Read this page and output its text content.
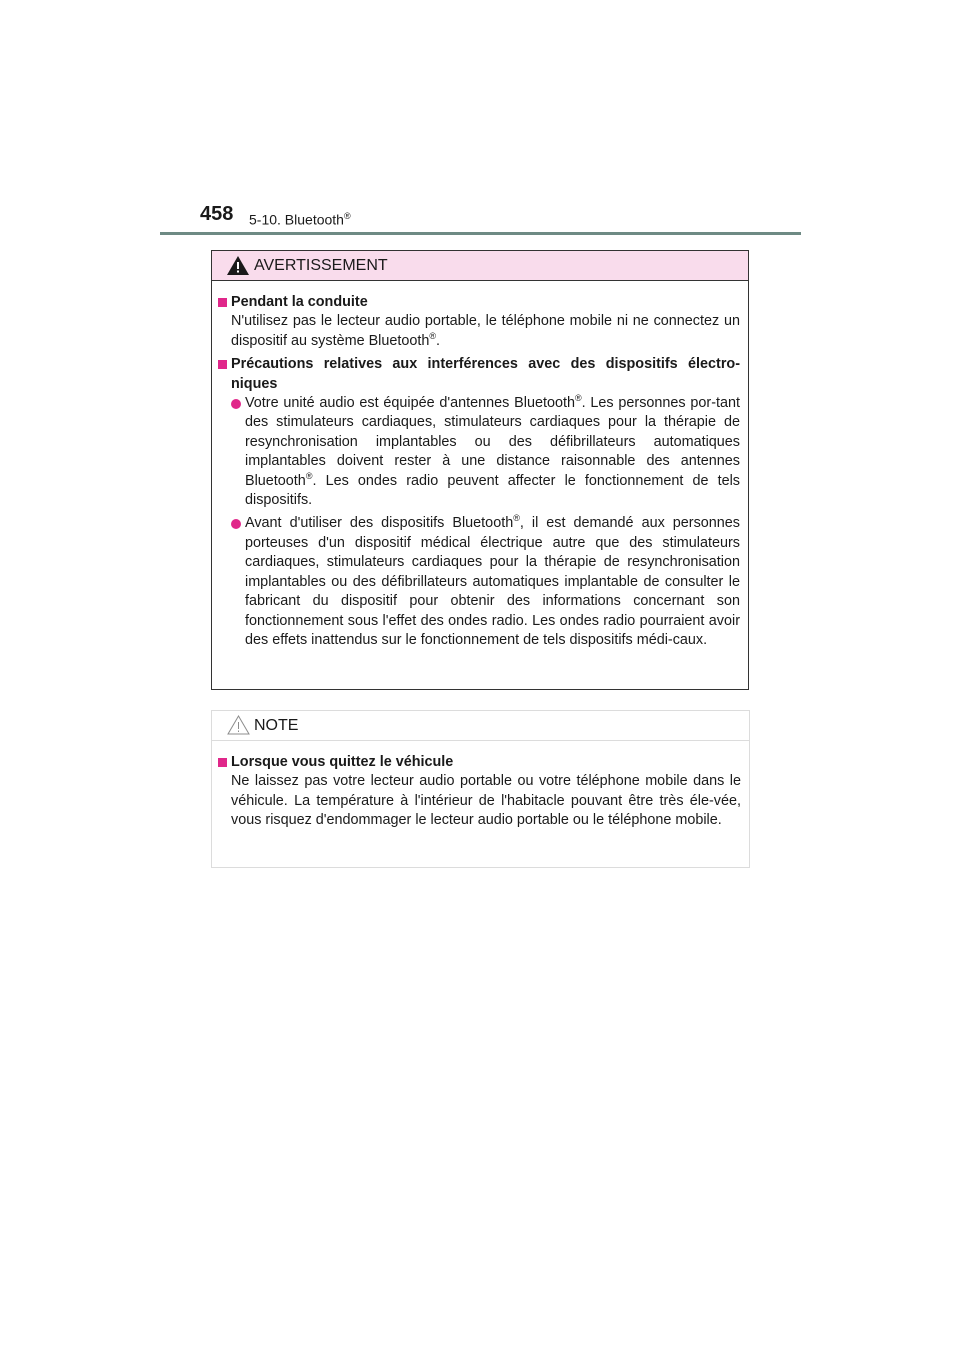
458 5-10. Bluetooth®
AVERTISSEMENT
Pendant la conduite
N'utilisez pas le lecteur audio portable, le téléphone mobile ni ne connectez un dispositif au système Bluetooth®.
Précautions relatives aux interférences avec des dispositifs électro-niques
Votre unité audio est équipée d'antennes Bluetooth®. Les personnes por-tant des stimulateurs cardiaques, stimulateurs cardiaques pour la thérapie de resynchronisation implantables ou des défibrillateurs automatiques implantables doivent rester à une distance raisonnable des antennes Bluetooth®. Les ondes radio peuvent affecter le fonctionnement de tels dispositifs.
Avant d'utiliser des dispositifs Bluetooth®, il est demandé aux personnes porteuses d'un dispositif médical électrique autre que des stimulateurs cardiaques, stimulateurs cardiaques pour la thérapie de resynchronisation implantables ou des défibrillateurs automatiques implantable de consulter le fabricant du dispositif pour obtenir des informations concernant son fonctionnement sous l'effet des ondes radio. Les ondes radio pourraient avoir des effets inattendus sur le fonctionnement de tels dispositifs médi-caux.
NOTE
Lorsque vous quittez le véhicule
Ne laissez pas votre lecteur audio portable ou votre téléphone mobile dans le véhicule. La température à l'intérieur de l'habitacle pouvant être très éle-vée, vous risquez d'endommager le lecteur audio portable ou le téléphone mobile.
